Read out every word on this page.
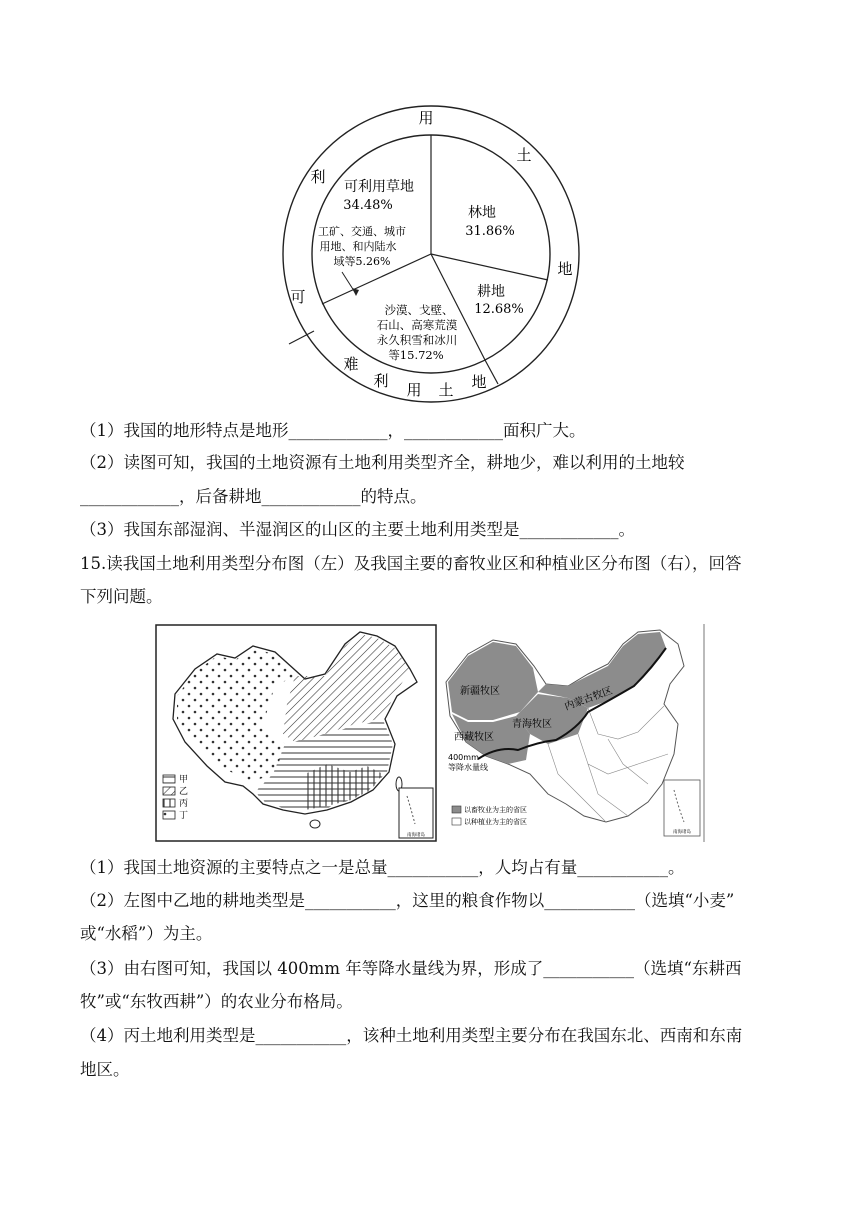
利
用
土
地
可
难
利 用 土 地
可利用草地
34.48%	林地
31.86%
耕地
12.68%
沙漠、戈壁、
石山、高寒荒漠
永久积雪和冰川
等15.72%
工矿、交通、城市
用地、和内陆水
域等5.26%
（1）我国的地形特点是地形____________，____________面积广大。
（2）读图可知，我国的土地资源有土地利用类型齐全，耕地少，难以利用的土地较
____________，后备耕地____________的特点。
（3）我国东部湿润、半湿润区的山区的主要土地利用类型是____________。
15.读我国土地利用类型分布图（左）及我国主要的畜牧业区和种植业区分布图（右），回答
下列问题。
甲
乙
丙
丁
南海诸岛
新疆牧区
青海牧区
西藏牧区
内蒙古牧区
400mm
等降水量线
以畜牧业为主的省区
以种植业为主的省区
南海诸岛
（1）我国土地资源的主要特点之一是总量___________，人均占有量___________。
（2）左图中乙地的耕地类型是___________，这里的粮食作物以___________（选填“小麦”
或“水稻”）为主。
（3）由右图可知，我国以 400mm 年等降水量线为界，形成了___________（选填“东耕西
牧”或“东牧西耕”）的农业分布格局。
（4）丙土地利用类型是___________，该种土地利用类型主要分布在我国东北、西南和东南
地区。
